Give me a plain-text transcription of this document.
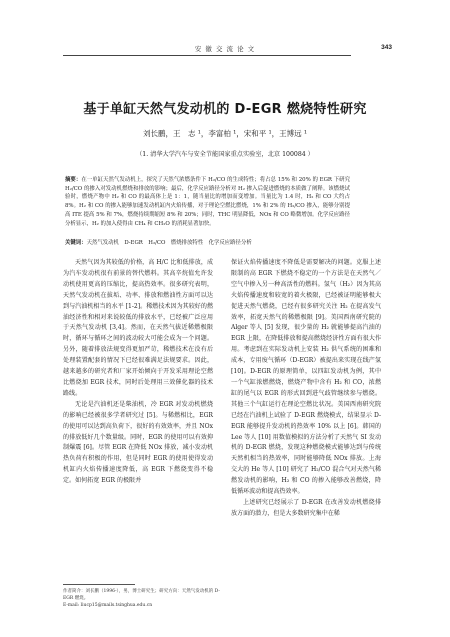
安 徽 交 流 论 文	343
基于单缸天然气发动机的 D-EGR 燃烧特性研究
刘长鹏，王　志 ¹，李富柏 ¹，宋和平 ¹，王博远 ¹
（1. 清华大学汽车与安全节能国家重点实验室，北京 100084 ）
摘要：在一单缸天然气发动机上，探究了天然气浓燃条件下 H₂/CO 的生成特性；将占总 15% 和 20% 的 EGR 下研究 H₂/CO 的掺入对发动机燃烧和排放的影响；最后，化学反应路径分析对 H₂ 掺入后促进燃烧的本质做了阐释。该燃烧试验时，燃烧产物中 H₂ 和 CO 的最高体上是 1：1，随当量比的增加而变增加。当量比为 1.4 时，H₂ 和 CO 大约占 8%。H₂ 和 CO 的掺入能够加速发动机缸内火焰传播，对于理论空燃比燃烧，1% 和 2% 的 H₂/CO 掺入，能够分别提高 ITE 提高 5% 和 7%，燃烧持续期缩短 8% 和 20%；同时，THC 明显降低，NOx 和 CO 略微增加。化学反应路径分析显示，H₂ 的加入使得由 CH₄ 和 CH₂O 的消耗显著加快。
关键词：天然气发动机　D-EGR　H₂/CO　燃烧排放特性　化学反应路径分析

天然气因为其较低的价格，高 H/C 比和低排放，成为汽车发动机很有前景的替代燃料。其高辛烷值允许发动机使用更高的压缩比，提高热效率。很多研究表明，天然气发动机在拔垢、功率、排放和燃油性方面可以达到与汽油机相当的水平 [1-2]。稀燃技术因为其较好的燃油经济性和相对来说较低的排放水平，已经被广泛应用于天然气发动机 [3,4]。然而，在天然气拔近稀燃极限时，循环与循环之间的波动较大可能会成为一个问题。另外，随着排放法规变得更加严苛，稀燃技术在没有后处理装置配套的情况下已经很难满足法规要求。因此，越来越多的研究者和厂家开始倾向于开发采用理论空燃比燃烧加 EGR 技术，同时后处理用三效催化器的技术路线。

无论是汽油机还是柴油机，冷 EGR 对发动机燃烧的影响已经被很多学者研究过 [5]。与稀燃相比，EGR 的使用可以达到高负荷下，很好的有效效率，并且 NOx 的排放低好几个数量级。同时，EGR 的使用可以有效抑制爆震 [6]。尽管 EGR 在降低 NOx 排放，减小发动机热负荷有积极的作用，但是同时 EGR 的使用使得发动机缸内火焰传播速度降低，高 EGR 下燃烧变得不稳定。如何拓宽 EGR 的极限并

保证火焰传播速度不降低是需要解决的问题。克服上述限制的高 EGR 下燃烧不稳定的一个方法是在天然气／空气中掺入另一种高活性的燃料。氢气（H₂）因为其高火焰传播速度和较宽的着火极限，已经被证明能够极大促进天然气燃烧，已经有很多研究关注 H₂ 在提高发气效率，拓宽天然气的稀燃极限 [9]。美国西南研究院的 Alger 等人 [5] 发现，很少量的 H₂ 就能够提高汽油的 EGR 上限，在降低排放和提高燃烧经济性方面有很大作用。考虑到在实际发动机上安装 H₂ 供气系统的困难和成本，专用废气循环（D-EGR）被提出来实现在线产氢 [10]。D-EGR 的原理简单，以四缸发动机为例，其中一个气缸浓燃燃烧，燃烧产物中含有 H₂ 和 CO，浓燃缸的尾气以 EGR 的形式回到进气歧管继续参与燃烧。其他三个气缸运行在理论空燃比状况。美国西南研究院已经在汽油机上试验了 D-EGR 燃烧模式，结果显示 D-EGR 能够提升发动机的热效率 10% 以上 [6]。韩国的 Lee 等人 [10] 用数值模拟的方法分析了天然气 SI 发动机的 D-EGR 燃烧，发现这种燃烧模式能够达到与传统天然机相当的热效率，同时能够降低 NOx 排放。上海交大的 He 等人 [10] 研究了 H₂/CO 混合气对天然气稀燃发动机的影响，H₂ 和 CO 的掺入能够改善燃烧，降低循环波动和提高热效率。

上述研究已经展示了 D-EGR 在改善发动机燃烧排放方面的潜力，但是大多数研究集中在稀

作者简介：刘长鹏（1996-），男，博士研究生；研究方向：天然气发动机的 D-EGR 燃烧。
E-mail: liucp15@mails.tsinghua.edu.cn
